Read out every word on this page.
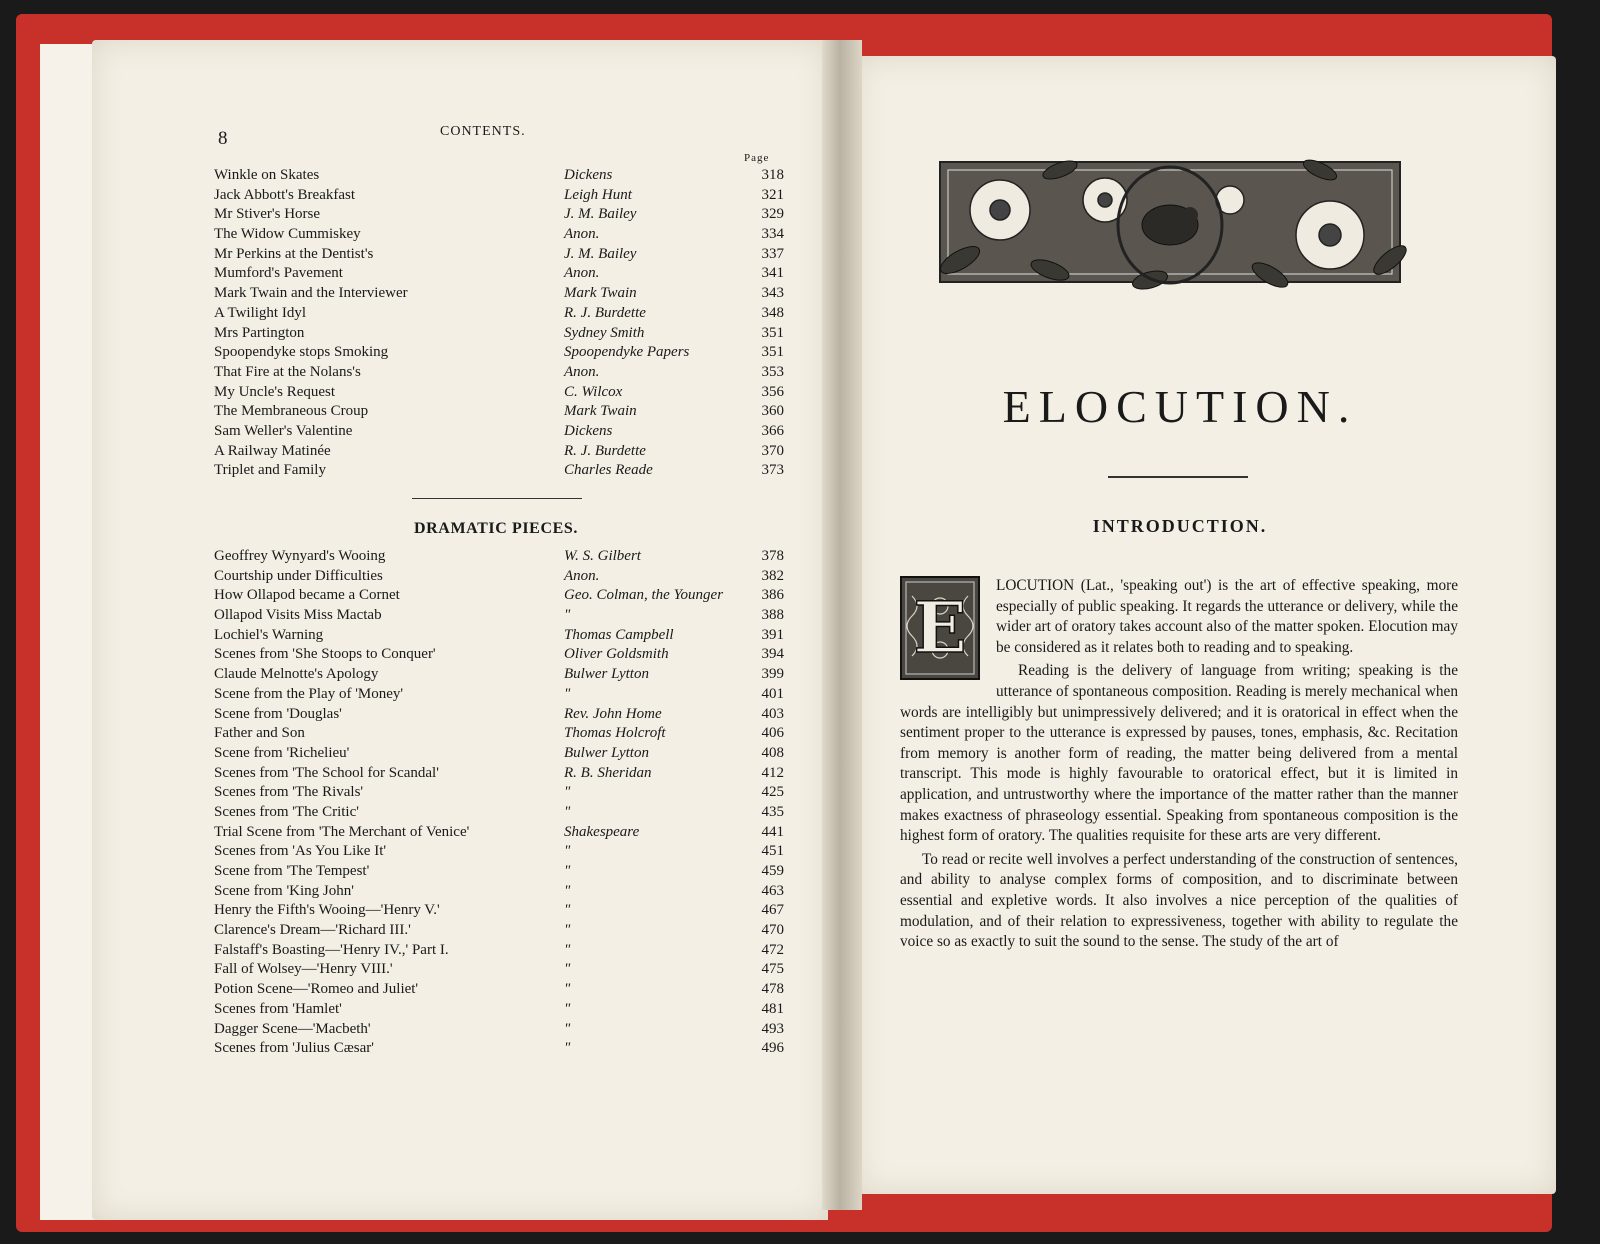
8	CONTENTS.
Page
Winkle on Skates	Dickens	318
Jack Abbott's Breakfast	Leigh Hunt	321
Mr Stiver's Horse	J. M. Bailey	329
The Widow Cummiskey	Anon.	334
Mr Perkins at the Dentist's	J. M. Bailey	337
Mumford's Pavement	Anon.	341
Mark Twain and the Interviewer	Mark Twain	343
A Twilight Idyl	R. J. Burdette	348
Mrs Partington	Sydney Smith	351
Spoopendyke stops Smoking	Spoopendyke Papers	351
That Fire at the Nolans's	Anon.	353
My Uncle's Request	C. Wilcox	356
The Membraneous Croup	Mark Twain	360
Sam Weller's Valentine	Dickens	366
A Railway Matinée	R. J. Burdette	370
Triplet and Family	Charles Reade	373
DRAMATIC PIECES.
Geoffrey Wynyard's Wooing	W. S. Gilbert	378
Courtship under Difficulties	Anon.	382
How Ollapod became a Cornet	Geo. Colman, the Younger	386
Ollapod Visits Miss Mactab	"	388
Lochiel's Warning	Thomas Campbell	391
Scenes from 'She Stoops to Conquer'	Oliver Goldsmith	394
Claude Melnotte's Apology	Bulwer Lytton	399
Scene from the Play of 'Money'	"	401
Scene from 'Douglas'	Rev. John Home	403
Father and Son	Thomas Holcroft	406
Scene from 'Richelieu'	Bulwer Lytton	408
Scenes from 'The School for Scandal'	R. B. Sheridan	412
Scenes from 'The Rivals'	"	425
Scenes from 'The Critic'	"	435
Trial Scene from 'The Merchant of Venice'	Shakespeare	441
Scenes from 'As You Like It'	"	451
Scene from 'The Tempest'	"	459
Scene from 'King John'	"	463
Henry the Fifth's Wooing—'Henry V.'	"	467
Clarence's Dream—'Richard III.'	"	470
Falstaff's Boasting—'Henry IV.,' Part I.	"	472
Fall of Wolsey—'Henry VIII.'	"	475
Potion Scene—'Romeo and Juliet'	"	478
Scenes from 'Hamlet'	"	481
Dagger Scene—'Macbeth'	"	493
Scenes from 'Julius Cæsar'	"	496
ELOCUTION.
INTRODUCTION.

LOCUTION (Lat., 'speaking out') is the art of effective speaking, more especially of public speaking. It regards the utterance or delivery, while the wider art of oratory takes account also of the matter spoken. Elocution may be considered as it relates both to reading and to speaking.

Reading is the delivery of language from writing; speaking is the utterance of spontaneous composition. Reading is merely mechanical when words are intelligibly but unimpressively delivered; and it is oratorical in effect when the sentiment proper to the utterance is expressed by pauses, tones, emphasis, &c. Recitation from memory is another form of reading, the matter being delivered from a mental transcript. This mode is highly favourable to oratorical effect, but it is limited in application, and untrustworthy where the importance of the matter rather than the manner makes exactness of phraseology essential. Speaking from spontaneous composition is the highest form of oratory. The qualities requisite for these arts are very different.

To read or recite well involves a perfect understanding of the construction of sentences, and ability to analyse complex forms of composition, and to discriminate between essential and expletive words. It also involves a nice perception of the qualities of modulation, and of their relation to expressiveness, together with ability to regulate the voice so as exactly to suit the sound to the sense. The study of the art of

E
